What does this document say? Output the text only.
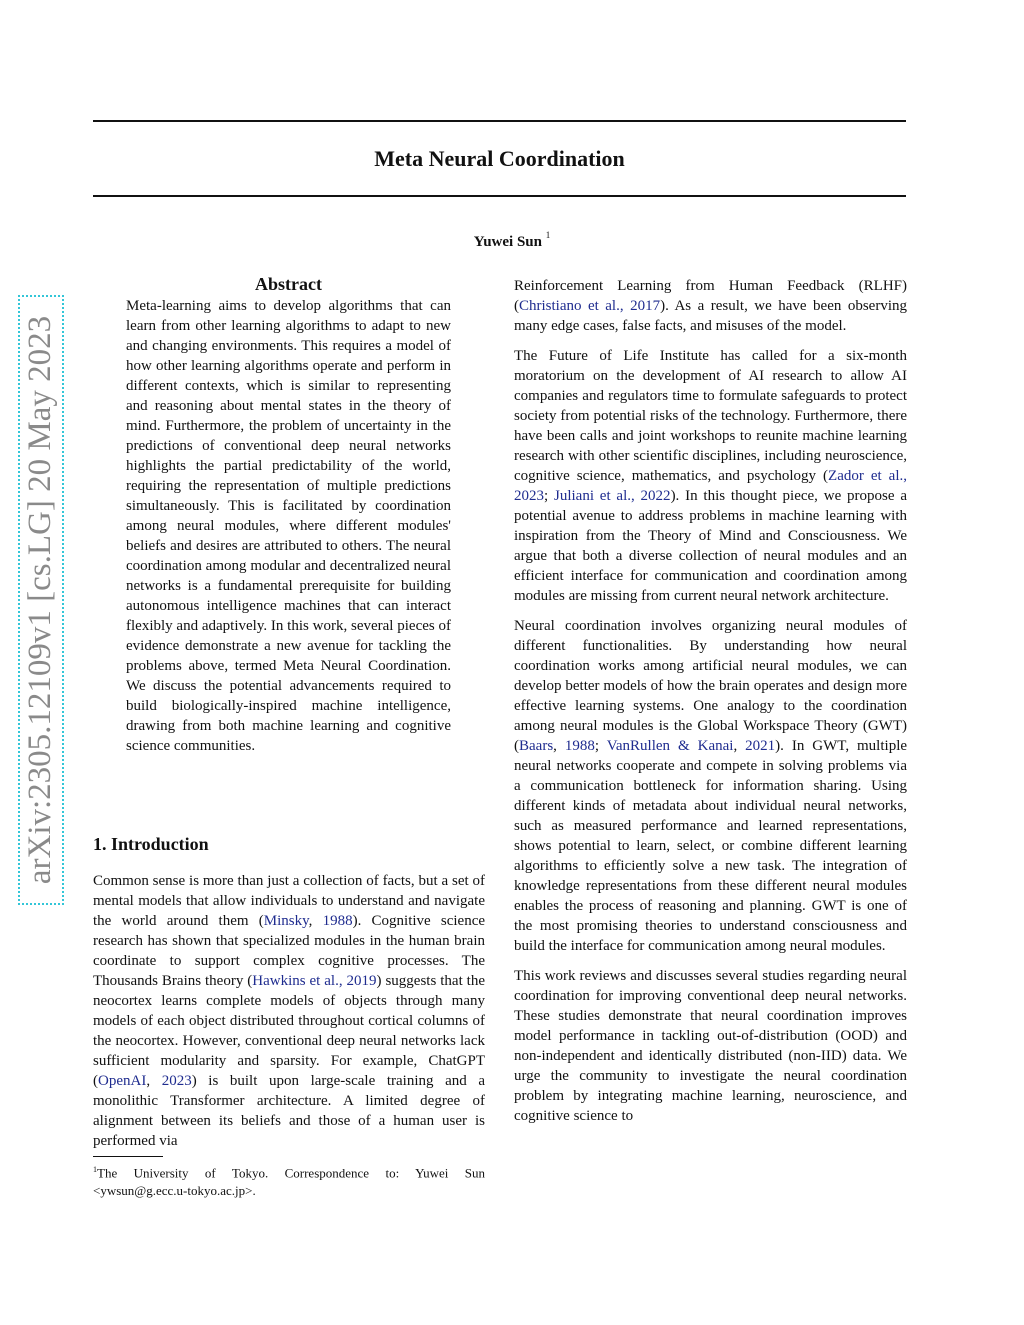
Meta Neural Coordination
Yuwei Sun $^1$
arXiv:2305.12109v1 [cs.LG] 20 May 2023
Abstract

Meta-learning aims to develop algorithms that can learn from other learning algorithms to adapt to new and changing environments. This requires a model of how other learning algorithms operate and perform in different contexts, which is similar to representing and reasoning about mental states in the theory of mind. Furthermore, the problem of uncertainty in the predictions of conventional deep neural networks highlights the partial predictability of the world, requiring the representation of multiple predictions simultaneously. This is facilitated by coordination among neural modules, where different modules' beliefs and desires are attributed to others. The neural coordination among modular and decentralized neural networks is a fundamental prerequisite for building autonomous intelligence machines that can interact flexibly and adaptively. In this work, several pieces of evidence demonstrate a new avenue for tackling the problems above, termed Meta Neural Coordination. We discuss the potential advancements required to build biologically-inspired machine intelligence, drawing from both machine learning and cognitive science communities.

1. Introduction

Common sense is more than just a collection of facts, but a set of mental models that allow individuals to understand and navigate the world around them (Minsky, 1988). Cognitive science research has shown that specialized modules in the human brain coordinate to support complex cognitive processes. The Thousands Brains theory (Hawkins et al., 2019) suggests that the neocortex learns complete models of objects through many models of each object distributed throughout cortical columns of the neocortex. However, conventional deep neural networks lack sufficient modularity and sparsity. For example, ChatGPT (OpenAI, 2023) is built upon large-scale training and a monolithic Transformer architecture. A limited degree of alignment between its beliefs and those of a human user is performed via

Reinforcement Learning from Human Feedback (RLHF) (Christiano et al., 2017). As a result, we have been observing many edge cases, false facts, and misuses of the model.

The Future of Life Institute has called for a six-month moratorium on the development of AI research to allow AI companies and regulators time to formulate safeguards to protect society from potential risks of the technology. Furthermore, there have been calls and joint workshops to reunite machine learning research with other scientific disciplines, including neuroscience, cognitive science, mathematics, and psychology (Zador et al., 2023; Juliani et al., 2022). In this thought piece, we propose a potential avenue to address problems in machine learning with inspiration from the Theory of Mind and Consciousness. We argue that both a diverse collection of neural modules and an efficient interface for communication and coordination among modules are missing from current neural network architecture.

Neural coordination involves organizing neural modules of different functionalities. By understanding how neural coordination works among artificial neural modules, we can develop better models of how the brain operates and design more effective learning systems. One analogy to the coordination among neural modules is the Global Workspace Theory (GWT) (Baars, 1988; VanRullen & Kanai, 2021). In GWT, multiple neural networks cooperate and compete in solving problems via a communication bottleneck for information sharing. Using different kinds of metadata about individual neural networks, such as measured performance and learned representations, shows potential to learn, select, or combine different learning algorithms to efficiently solve a new task. The integration of knowledge representations from these different neural modules enables the process of reasoning and planning. GWT is one of the most promising theories to understand consciousness and build the interface for communication among neural modules.

This work reviews and discusses several studies regarding neural coordination for improving conventional deep neural networks. These studies demonstrate that neural coordination improves model performance in tackling out-of-distribution (OOD) and non-independent and identically distributed (non-IID) data. We urge the community to investigate the neural coordination problem by integrating machine learning, neuroscience, and cognitive science to

$^1$The University of Tokyo. Correspondence to: Yuwei Sun <ywsun@g.ecc.u-tokyo.ac.jp>.
